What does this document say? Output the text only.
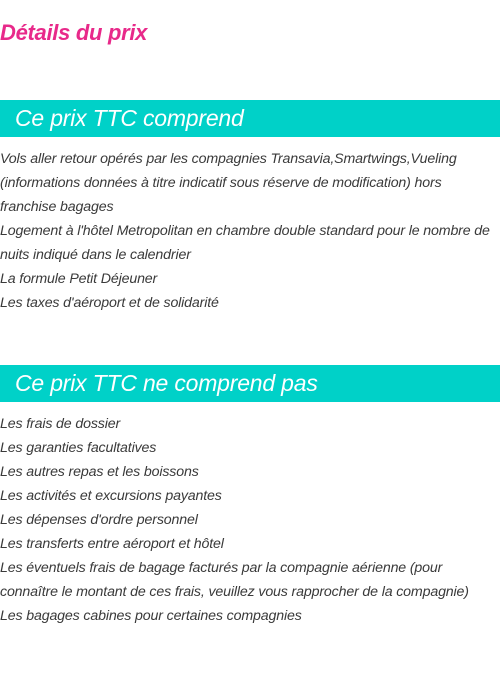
Détails du prix
Ce prix TTC comprend
Vols aller retour opérés par les compagnies Transavia,Smartwings,Vueling (informations données à titre indicatif sous réserve de modification) hors franchise bagages
Logement à l'hôtel Metropolitan en chambre double standard pour le nombre de nuits indiqué dans le calendrier
La formule Petit Déjeuner
Les taxes d'aéroport et de solidarité
Ce prix TTC ne comprend pas
Les frais de dossier
Les garanties facultatives
Les autres repas et les boissons
Les activités et excursions payantes
Les dépenses d'ordre personnel
Les transferts entre aéroport et hôtel
Les éventuels frais de bagage facturés par la compagnie aérienne (pour connaître le montant de ces frais, veuillez vous rapprocher de la compagnie)
Les bagages cabines pour certaines compagnies
